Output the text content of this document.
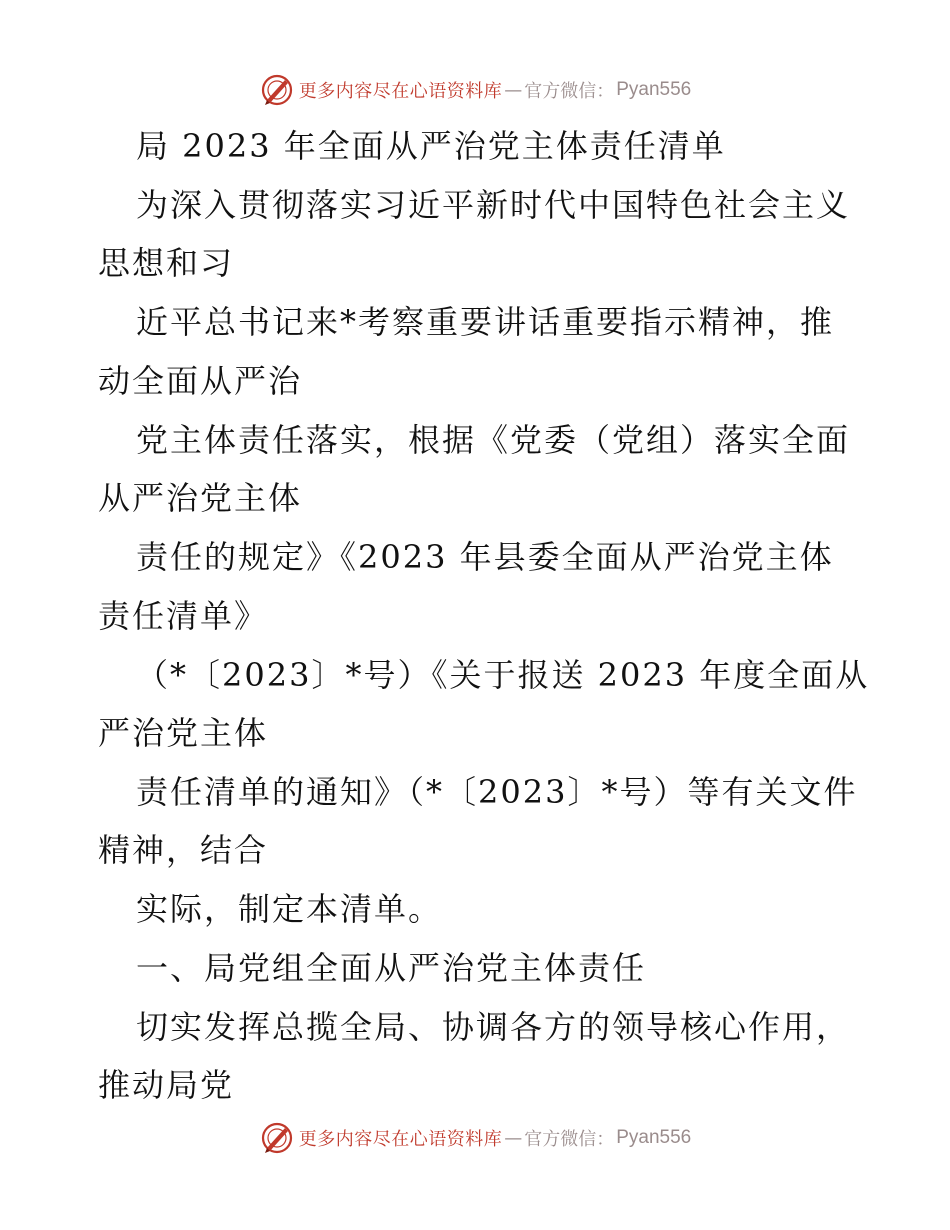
更多内容尽在心语资料库 — 官方微信： Pyan556
局 2023 年全面从严治党主体责任清单
为深入贯彻落实习近平新时代中国特色社会主义
思想和习
近平总书记来*考察重要讲话重要指示精神，推
动全面从严治
党主体责任落实，根据《党委（党组）落实全面
从严治党主体
责任的规定》《2023 年县委全面从严治党主体
责任清单》
（*〔2023〕*号）《关于报送 2023 年度全面从
严治党主体
责任清单的通知》（*〔2023〕*号）等有关文件
精神，结合
实际，制定本清单。
一、局党组全面从严治党主体责任
切实发挥总揽全局、协调各方的领导核心作用，
推动局党
更多内容尽在心语资料库 — 官方微信： Pyan556
